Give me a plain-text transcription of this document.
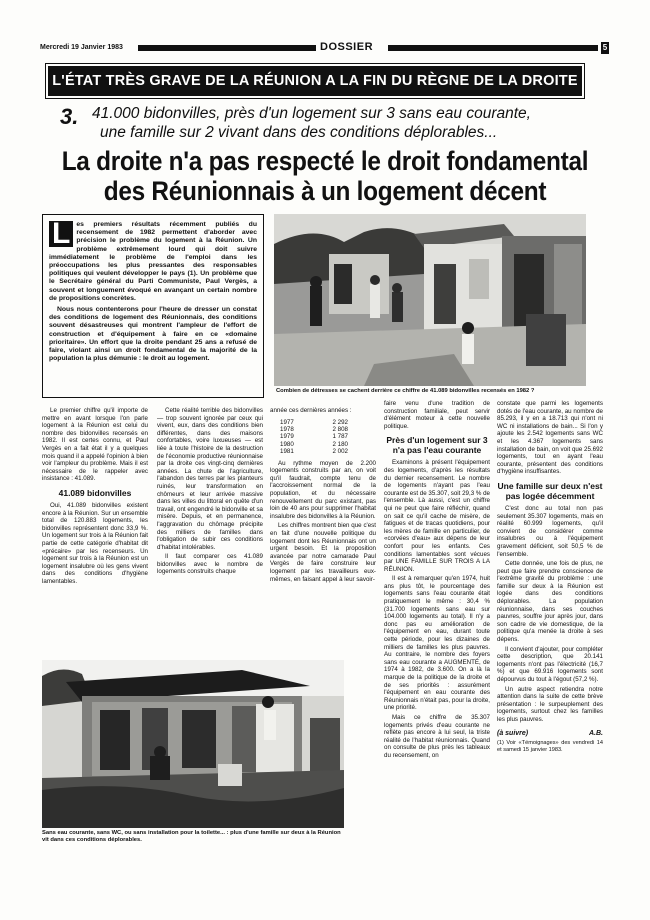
Mercredi 19 Janvier 1983	DOSSIER	5
L'ÉTAT TRÈS GRAVE DE LA RÉUNION A LA FIN DU RÈGNE DE LA DROITE
3. 41.000 bidonvilles, près d'un logement sur 3 sans eau courante,
une famille sur 2 vivant dans des conditions déplorables...
La droite n'a pas respecté le droit fondamental
des Réunionnais à un logement décent

L es premiers résultats récemment publiés du recensement de 1982 permettent d'aborder avec précision le problème du logement à la Réunion. Un problème extrêmement lourd qui doit suivre immédiatement le problème de l'emploi dans les préoccupations les plus pressantes des responsables politiques qui veulent développer le pays (1). Un problème que le Secrétaire général du Parti Communiste, Paul Vergès, a souvent et longuement évoqué en avançant un certain nombre de propositions concrètes.

Nous nous contenterons pour l'heure de dresser un constat des conditions de logement des Réunionnais, des conditions souvent désastreuses qui montrent l'ampleur de l'effort de construction et d'équipement à faire en ce «domaine prioritaire». Un effort que la droite pendant 25 ans a refusé de faire, violant ainsi un droit fondamental de la majorité de la population la plus démunie : le droit au logement.

Combien de détresses se cachent derrière ce chiffre de 41.089 bidonvilles recensés en 1982 ?
Sans eau courante, sans WC, ou sans installation pour la toilette... : plus d'une famille sur deux à la Réunion vit dans ces conditions déplorables.

Le premier chiffre qu'il importe de mettre en avant lorsque l'on parle logement à la Réunion est celui du nombre des bidonvilles recensés en 1982. Il est certes connu, et Paul Vergès en a fait état il y a quelques mois quand il a appelé l'opinion à bien voir l'ampleur du problème. Mais il est nécessaire de le rappeler avec insistance : 41.089.

41.089 bidonvilles

Oui, 41.089 bidonvilles existent encore à la Réunion. Sur un ensemble total de 120.883 logements, les bidonvilles représentent donc 33,9 %. Un logement sur trois à la Réunion fait partie de cette catégorie d'habitat dit «précaire» par les recenseurs. Un logement sur trois à la Réunion est un logement insalubre où les gens vivent dans des conditions d'hygiène lamentables.

Cette réalité terrible des bidonvilles — trop souvent ignorée par ceux qui vivent, eux, dans des conditions bien différentes, dans des maisons confortables, voire luxueuses — est liée à toute l'histoire de la destruction de l'économie productive réunionnaise par la droite ces vingt-cinq dernières années. La chute de l'agriculture, l'abandon des terres par les planteurs ruinés, leur transformation en chômeurs et leur arrivée massive dans les villes du littoral en quête d'un travail, ont engendré le bidonville et sa misère. Depuis, et en permanence, l'aggravation du chômage précipite des milliers de familles dans l'obligation de subir ces conditions d'habitat intolérables.

Il faut comparer ces 41.089 bidonvilles avec le nombre de logements construits chaque

année ces dernières années :

1977	2 292
1978	2 808
1979	1 787
1980	2 180
1981	2 002

Au rythme moyen de 2.200 logements construits par an, on voit qu'il faudrait, compte tenu de l'accroissement normal de la population, et du nécessaire renouvellement du parc existant, pas loin de 40 ans pour supprimer l'habitat insalubre des bidonvilles à la Réunion.

Les chiffres montrent bien que c'est en fait d'une nouvelle politique du logement dont les Réunionnais ont un urgent besoin. Et la proposition avancée par notre camarade Paul Vergès de faire construire leur logement par les travailleurs eux-mêmes, en faisant appel à leur savoir-

faire venu d'une tradition de construction familiale, peut servir d'élément moteur à cette nouvelle politique.

Près d'un logement sur 3 n'a pas l'eau courante

Examinons à présent l'équipement des logements, d'après les résultats du dernier recensement. Le nombre de logements n'ayant pas l'eau courante est de 35.307, soit 29,3 % de l'ensemble. Là aussi, c'est un chiffre qui ne peut que faire réfléchir, quand on sait ce qu'il cache de misère, de fatigues et de tracas quotidiens, pour les mères de famille en particulier, de «corvées d'eau» aux dépens de leur confort pour les enfants. Ces conditions lamentables sont vécues par UNE FAMILLE SUR TROIS A LA RÉUNION.

Il est à remarquer qu'en 1974, huit ans plus tôt, le pourcentage des logements sans l'eau courante était pratiquement le même : 30,4 % (31.700 logements sans eau sur 104.000 logements au total). Il n'y a donc pas eu amélioration de l'équipement en eau, durant toute cette période, pour les dizaines de milliers de familles les plus pauvres. Au contraire, le nombre des foyers sans eau courante a AUGMENTÉ, de 1974 à 1982, de 3.600. On a là la marque de la politique de la droite et de ses priorités : assurément l'équipement en eau courante des Réunionnais n'était pas, pour la droite, une priorité.

Mais ce chiffre de 35.307 logements privés d'eau courante ne reflète pas encore à lui seul, la triste réalité de l'habitat réunionnais. Quand on consulte de plus près les tableaux du recensement, on

constate que parmi les logements dotés de l'eau courante, au nombre de 85.293, il y en a 18.713 qui n'ont ni WC ni installations de bain... Si l'on y ajoute les 2.542 logements sans WC et les 4.367 logements sans installation de bain, on voit que 25.692 logements, tout en ayant l'eau courante, présentent des conditions d'hygiène insuffisantes.

Une famille sur deux n'est pas logée décemment

C'est donc au total non pas seulement 35.307 logements, mais en réalité 60.999 logements, qu'il convient de considérer comme insalubres ou à l'équipement gravement déficient, soit 50,5 % de l'ensemble.

Cette donnée, une fois de plus, ne peut que faire prendre conscience de l'extrême gravité du problème : une famille sur deux à la Réunion est logée dans des conditions déplorables. La population réunionnaise, dans ses couches pauvres, souffre jour après jour, dans son cadre de vie domestique, de la politique qu'a menée la droite à ses dépens.

Il convient d'ajouter, pour compléter cette description, que 20.141 logements n'ont pas l'électricité (16,7 %) et que 69.916 logements sont dépourvus du tout à l'égout (57,2 %).

Un autre aspect retiendra notre attention dans la suite de cette brève présentation : le surpeuplement des logements, surtout chez les familles les plus pauvres.

(à suivre)	A.B.
(1) Voir «Témoignages» des vendredi 14 et samedi 15 janvier 1983.
